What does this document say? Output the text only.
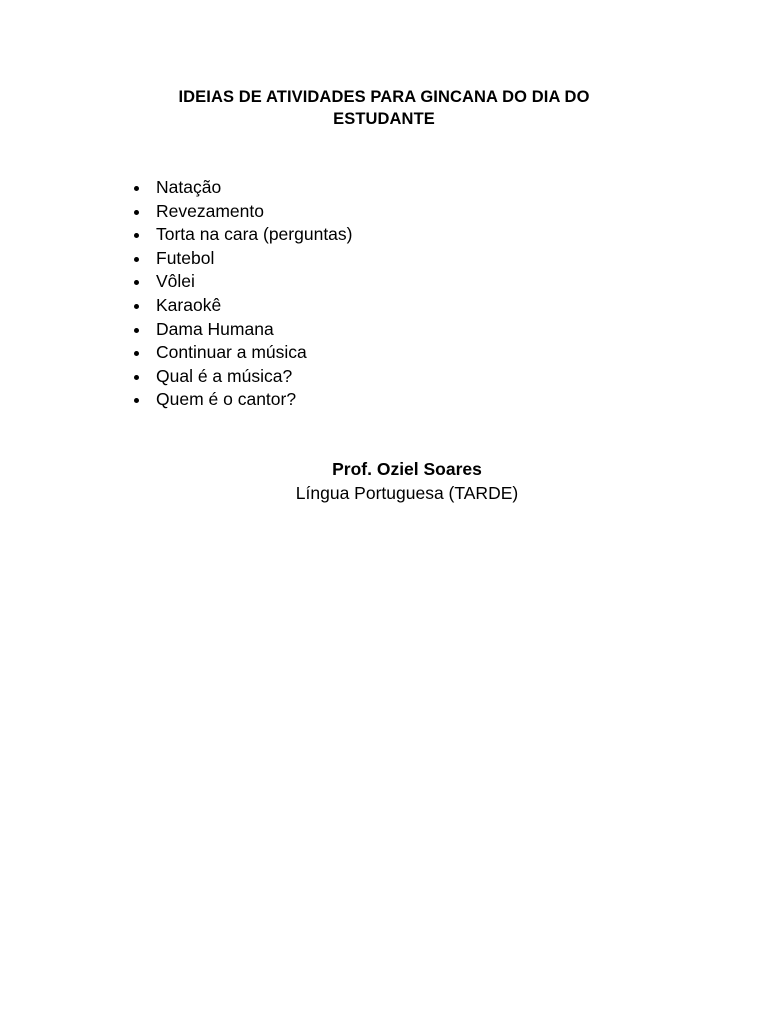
IDEIAS DE ATIVIDADES PARA GINCANA DO DIA DO
ESTUDANTE
Natação
Revezamento
Torta na cara (perguntas)
Futebol
Vôlei
Karaokê
Dama Humana
Continuar a música
Qual é a música?
Quem é o cantor?
Prof. Oziel Soares
Língua Portuguesa (TARDE)
